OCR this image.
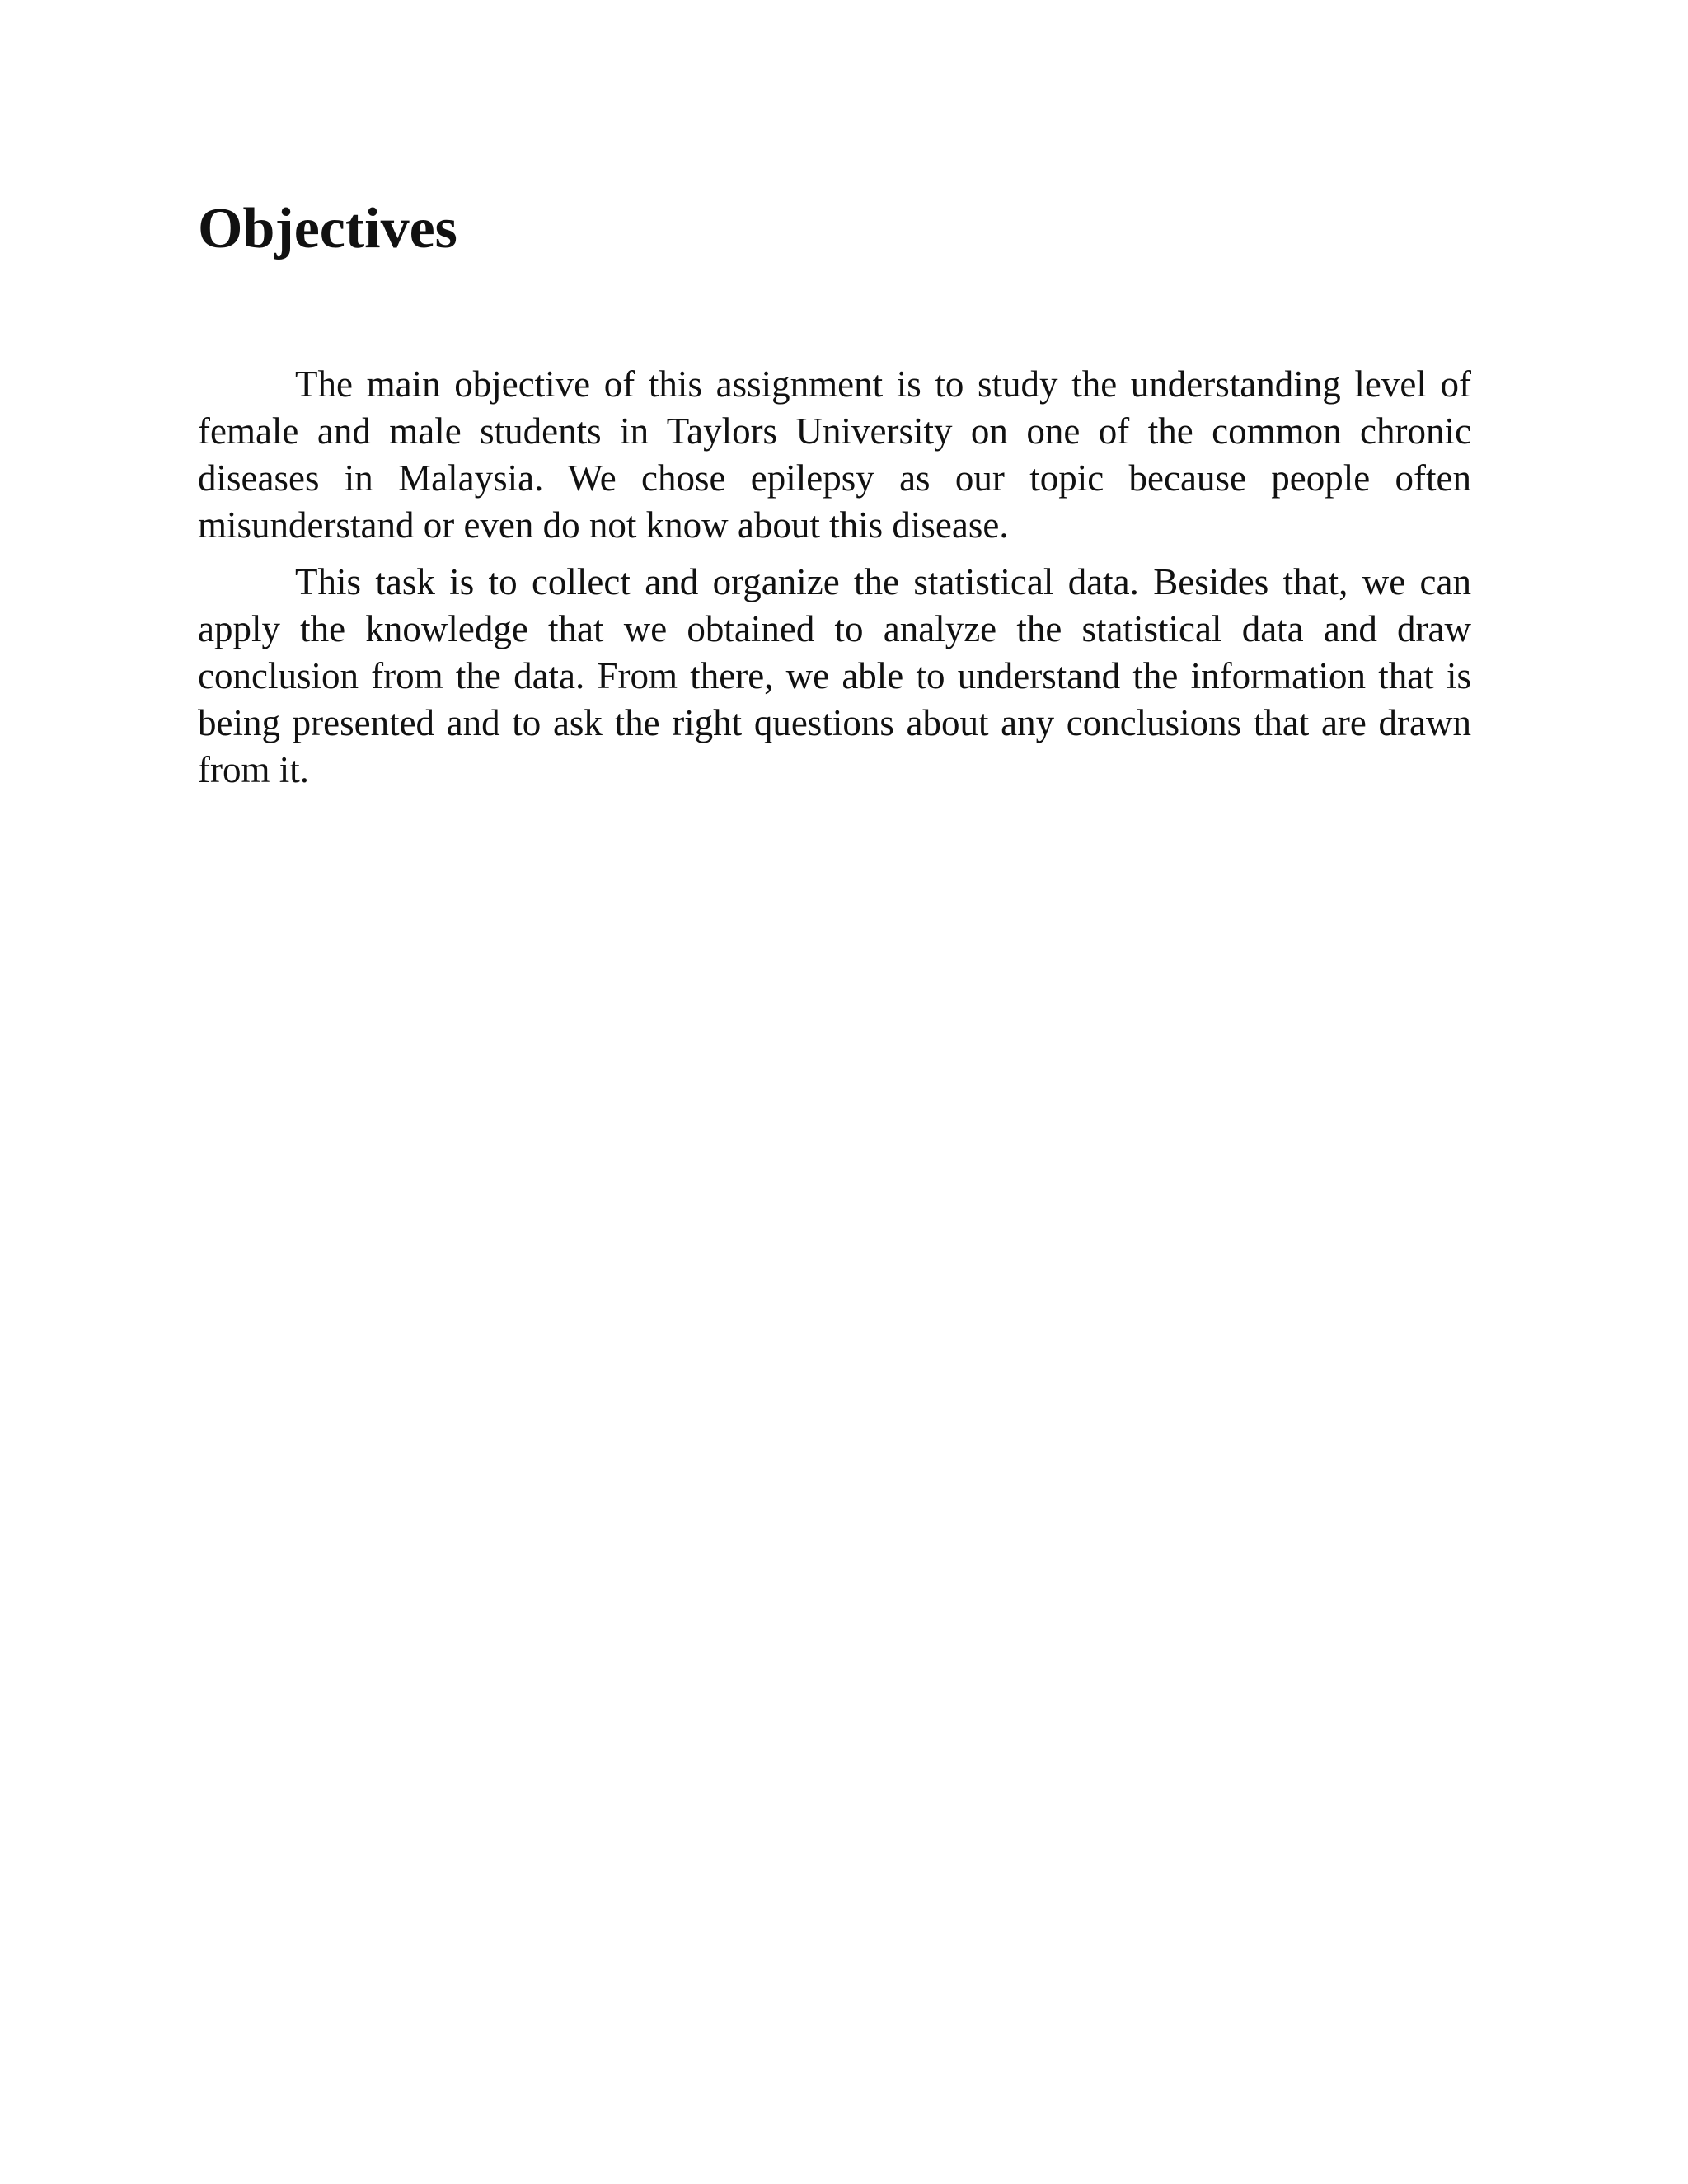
Objectives

The main objective of this assignment is to study the understanding level of female and male students in Taylors University on one of the common chronic diseases in Malaysia. We chose epilepsy as our topic because people often misunderstand or even do not know about this disease.

This task is to collect and organize the statistical data. Besides that, we can apply the knowledge that we obtained to analyze the statistical data and draw conclusion from the data. From there, we able to understand the information that is being presented and to ask the right questions about any conclusions that are drawn from it.
